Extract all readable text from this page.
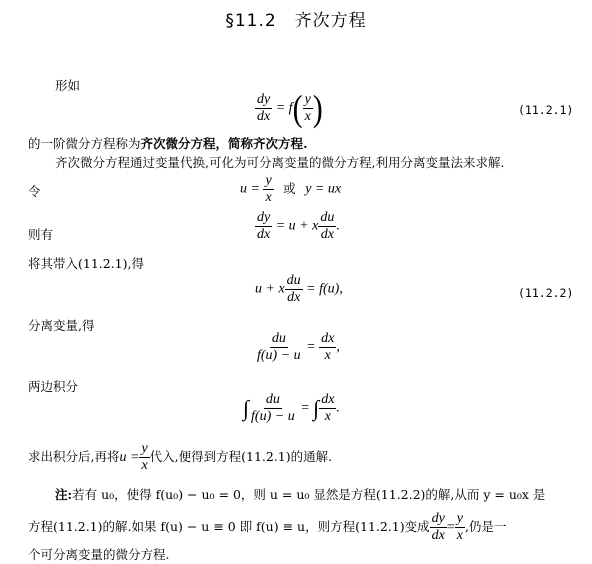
§11.2　齐次方程
形如
$\frac{dy}{dx} = f( \frac{y}{x}$ )	(11.2.1)
的一阶微分方程称为齐次微分方程，简称齐次方程.
齐次微分方程通过变量代换,可化为可分离变量的微分方程,利用分离变量法来求解.
令	$u = \frac{y}{x}$ 或 y = ux
则有	$\frac{dy}{dx} = u + x \frac{du}{dx}$ .
将其带入(11.2.1),得
u + x $\frac{du}{dx} = f(u)$,	(11.2.2)
分离变量,得
$\frac{du}{f(u) - u} = \frac{dx}{x}$ ,
两边积分
∫ $\frac{du}{f(u) - u}$ = ∫ $\frac{dx}{x}$ .
求出积分后,再将$u = \frac{y}{x}$ 代入,便得到方程(11.2.1)的通解.
注:若有 u₀，使得 f(u₀) − u₀ = 0，则 u = u₀ 显然是方程(11.2.2)的解,从而 y = u₀x 是
方程(11.2.1)的解.如果 f(u) − u ≡ 0 即 f(u) ≡ u，则方程(11.2.1)变成 $\frac{dy}{dx} = \frac{y}{x}$ ,仍是一
个可分离变量的微分方程.
